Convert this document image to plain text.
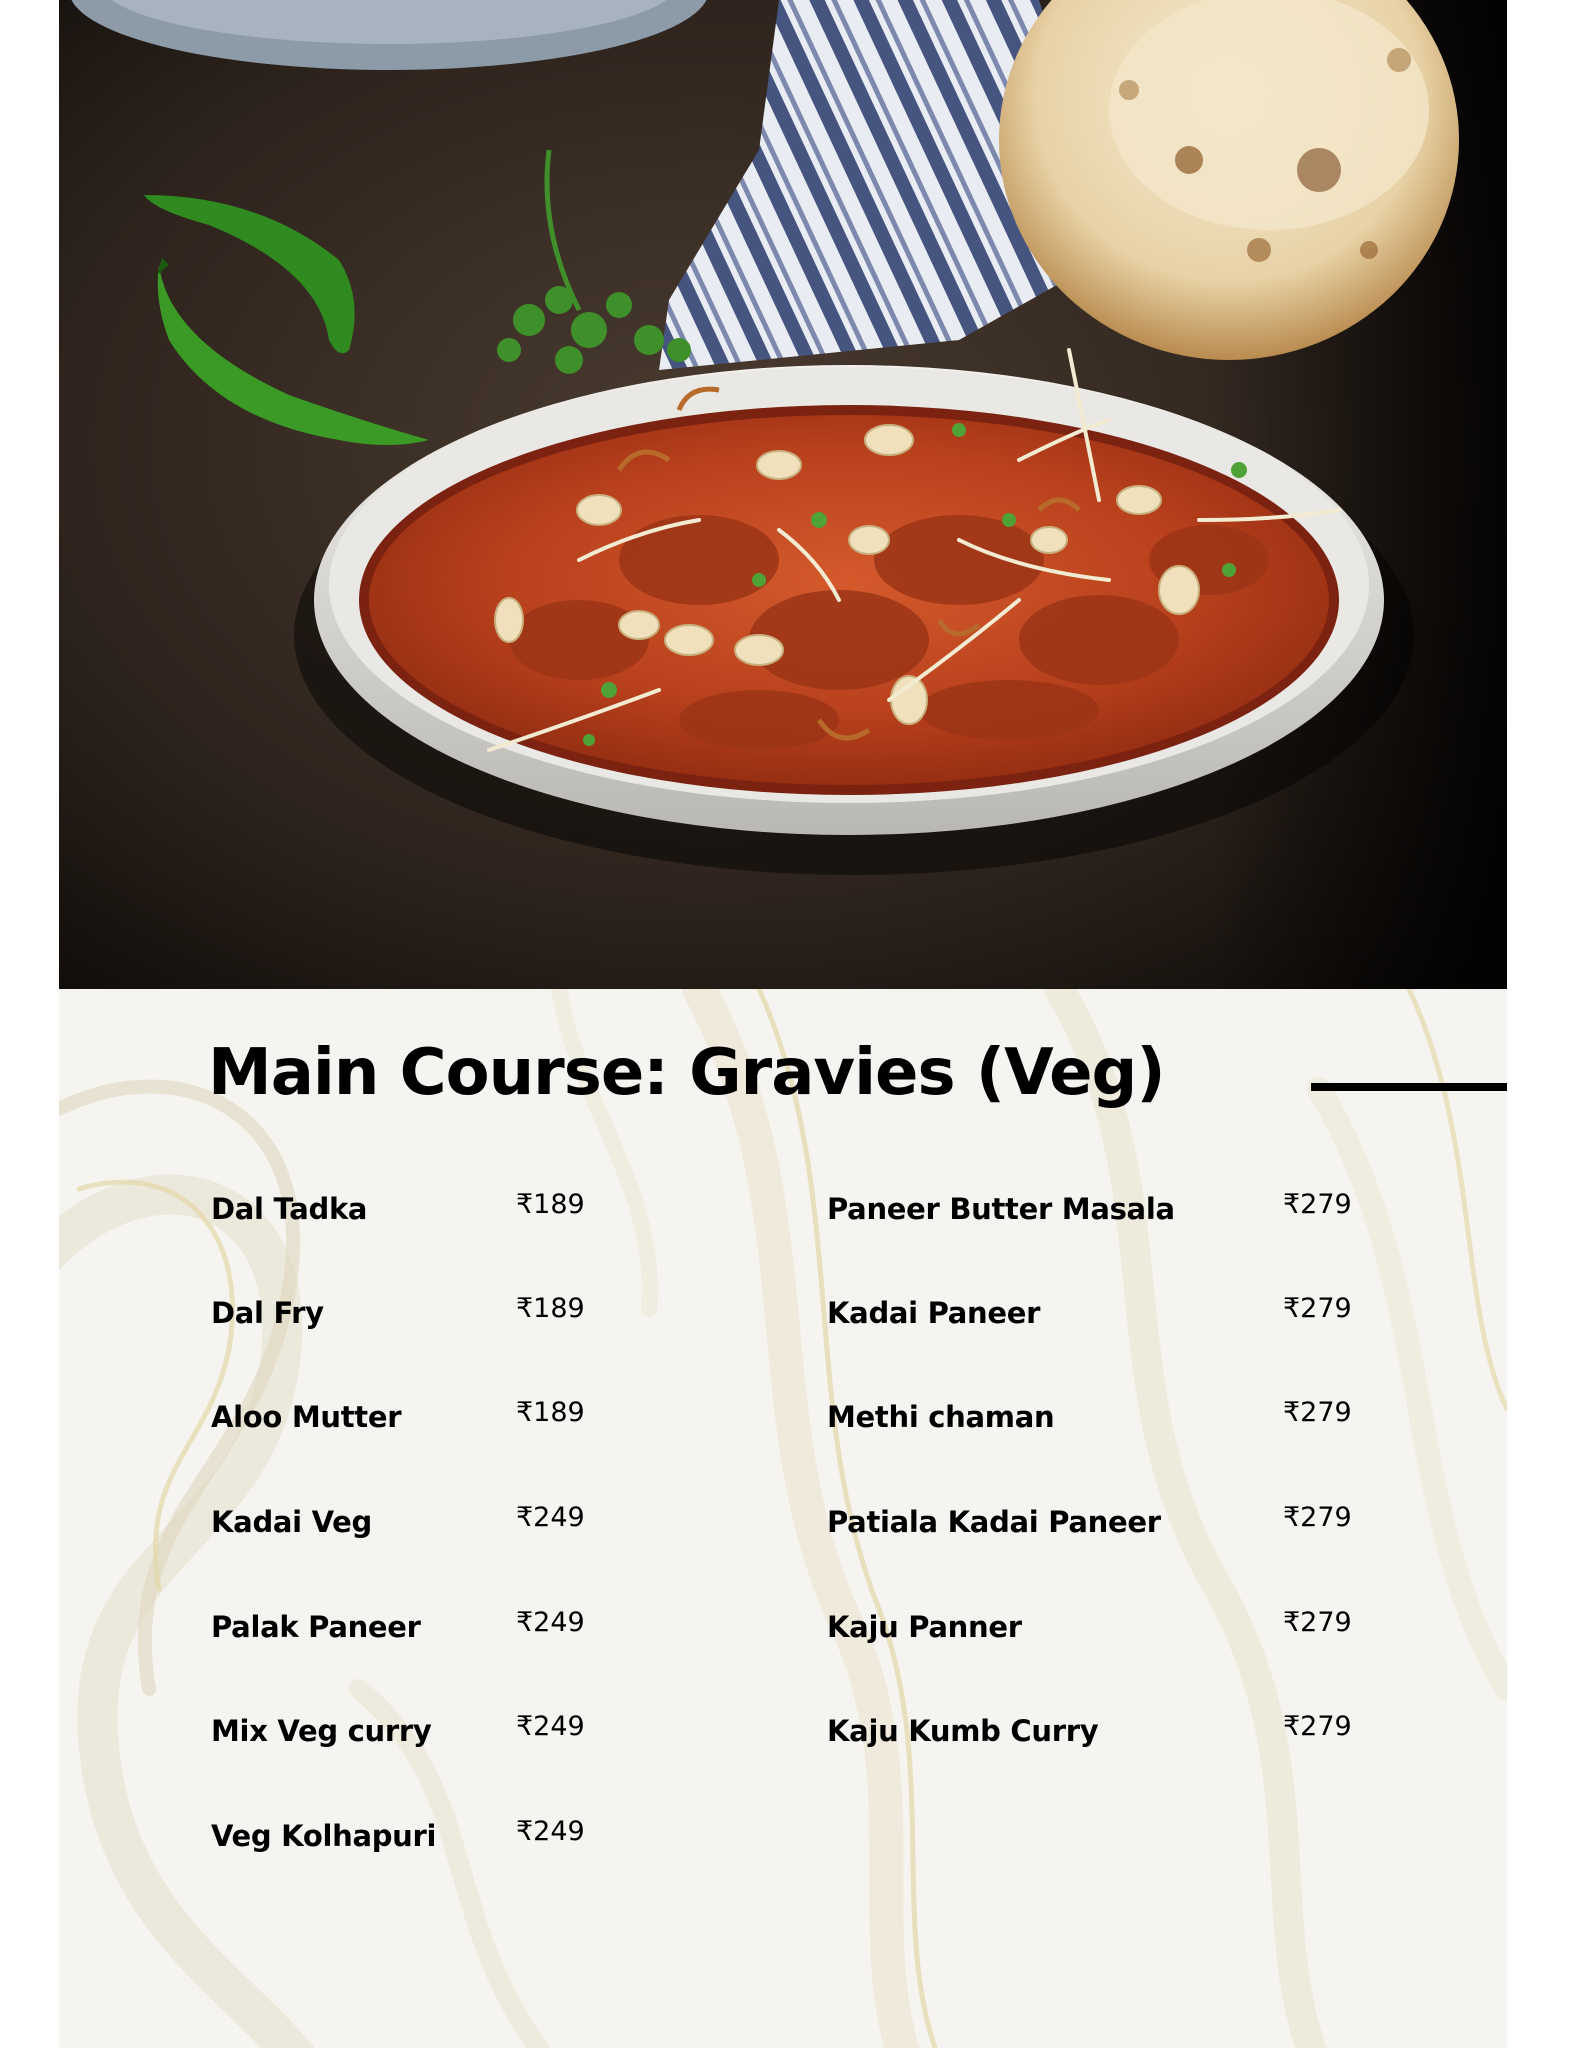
Main Course: Gravies (Veg)
Dal Tadka	₹189
Dal Fry	₹189
Aloo Mutter	₹189
Kadai Veg	₹249
Palak Paneer	₹249
Mix Veg curry	₹249
Veg Kolhapuri	₹249
Paneer Butter Masala	₹279
Kadai Paneer	₹279
Methi chaman	₹279
Patiala Kadai Paneer	₹279
Kaju Panner	₹279
Kaju Kumb Curry	₹279
